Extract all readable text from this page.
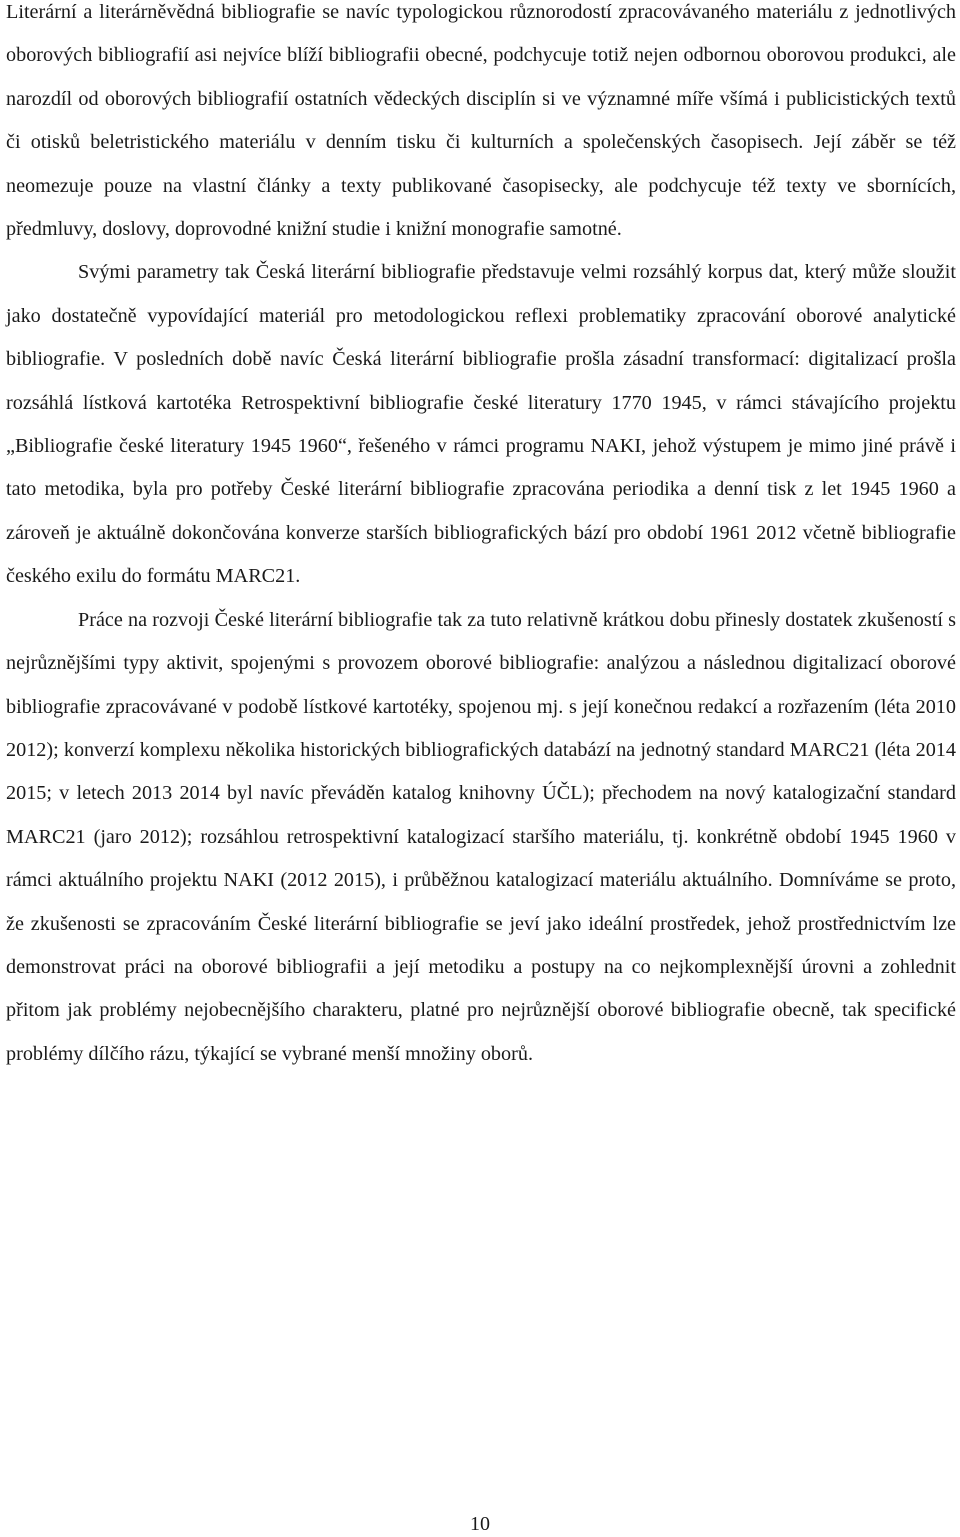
Literární a literárněvědná bibliografie se navíc typologickou různorodostí zpracovávaného materiálu z jednotlivých oborových bibliografií asi nejvíce blíží bibliografii obecné, podchycuje totiž nejen odbornou oborovou produkci, ale narozdíl od oborových bibliografií ostatních vědeckých disciplín si ve významné míře všímá i publicistických textů či otisků beletristického materiálu v denním tisku či kulturních a společenských časopisech. Její záběr se též neomezuje pouze na vlastní články a texty publikované časopisecky, ale podchycuje též texty ve sbornících, předmluvy, doslovy, doprovodné knižní studie i knižní monografie samotné.

Svými parametry tak Česká literární bibliografie představuje velmi rozsáhlý korpus dat, který může sloužit jako dostatečně vypovídající materiál pro metodologickou reflexi problematiky zpracování oborové analytické bibliografie. V posledních době navíc Česká literární bibliografie prošla zásadní transformací: digitalizací prošla rozsáhlá lístková kartotéka Retrospektivní bibliografie české literatury 1770 1945, v rámci stávajícího projektu „Bibliografie české literatury 1945 1960“, řešeného v rámci programu NAKI, jehož výstupem je mimo jiné právě i tato metodika, byla pro potřeby České literární bibliografie zpracována periodika a denní tisk z let 1945 1960 a zároveň je aktuálně dokončována konverze starších bibliografických bází pro období 1961 2012 včetně bibliografie českého exilu do formátu MARC21.

Práce na rozvoji České literární bibliografie tak za tuto relativně krátkou dobu přinesly dostatek zkušeností s nejrůznějšími typy aktivit, spojenými s provozem oborové bibliografie: analýzou a následnou digitalizací oborové bibliografie zpracovávané v podobě lístkové kartotéky, spojenou mj. s její konečnou redakcí a rozřazením (léta 2010 2012); konverzí komplexu několika historických bibliografických databází na jednotný standard MARC21 (léta 2014 2015; v letech 2013 2014 byl navíc převáděn katalog knihovny ÚČL); přechodem na nový katalogizační standard MARC21 (jaro 2012); rozsáhlou retrospektivní katalogizací staršího materiálu, tj. konkrétně období 1945 1960 v rámci aktuálního projektu NAKI (2012 2015), i průběžnou katalogizací materiálu aktuálního. Domníváme se proto, že zkušenosti se zpracováním České literární bibliografie se jeví jako ideální prostředek, jehož prostřednictvím lze demonstrovat práci na oborové bibliografii a její metodiku a postupy na co nejkomplexnější úrovni a zohlednit přitom jak problémy nejobecnějšího charakteru, platné pro nejrůznější oborové bibliografie obecně, tak specifické problémy dílčího rázu, týkající se vybrané menší množiny oborů.

10
